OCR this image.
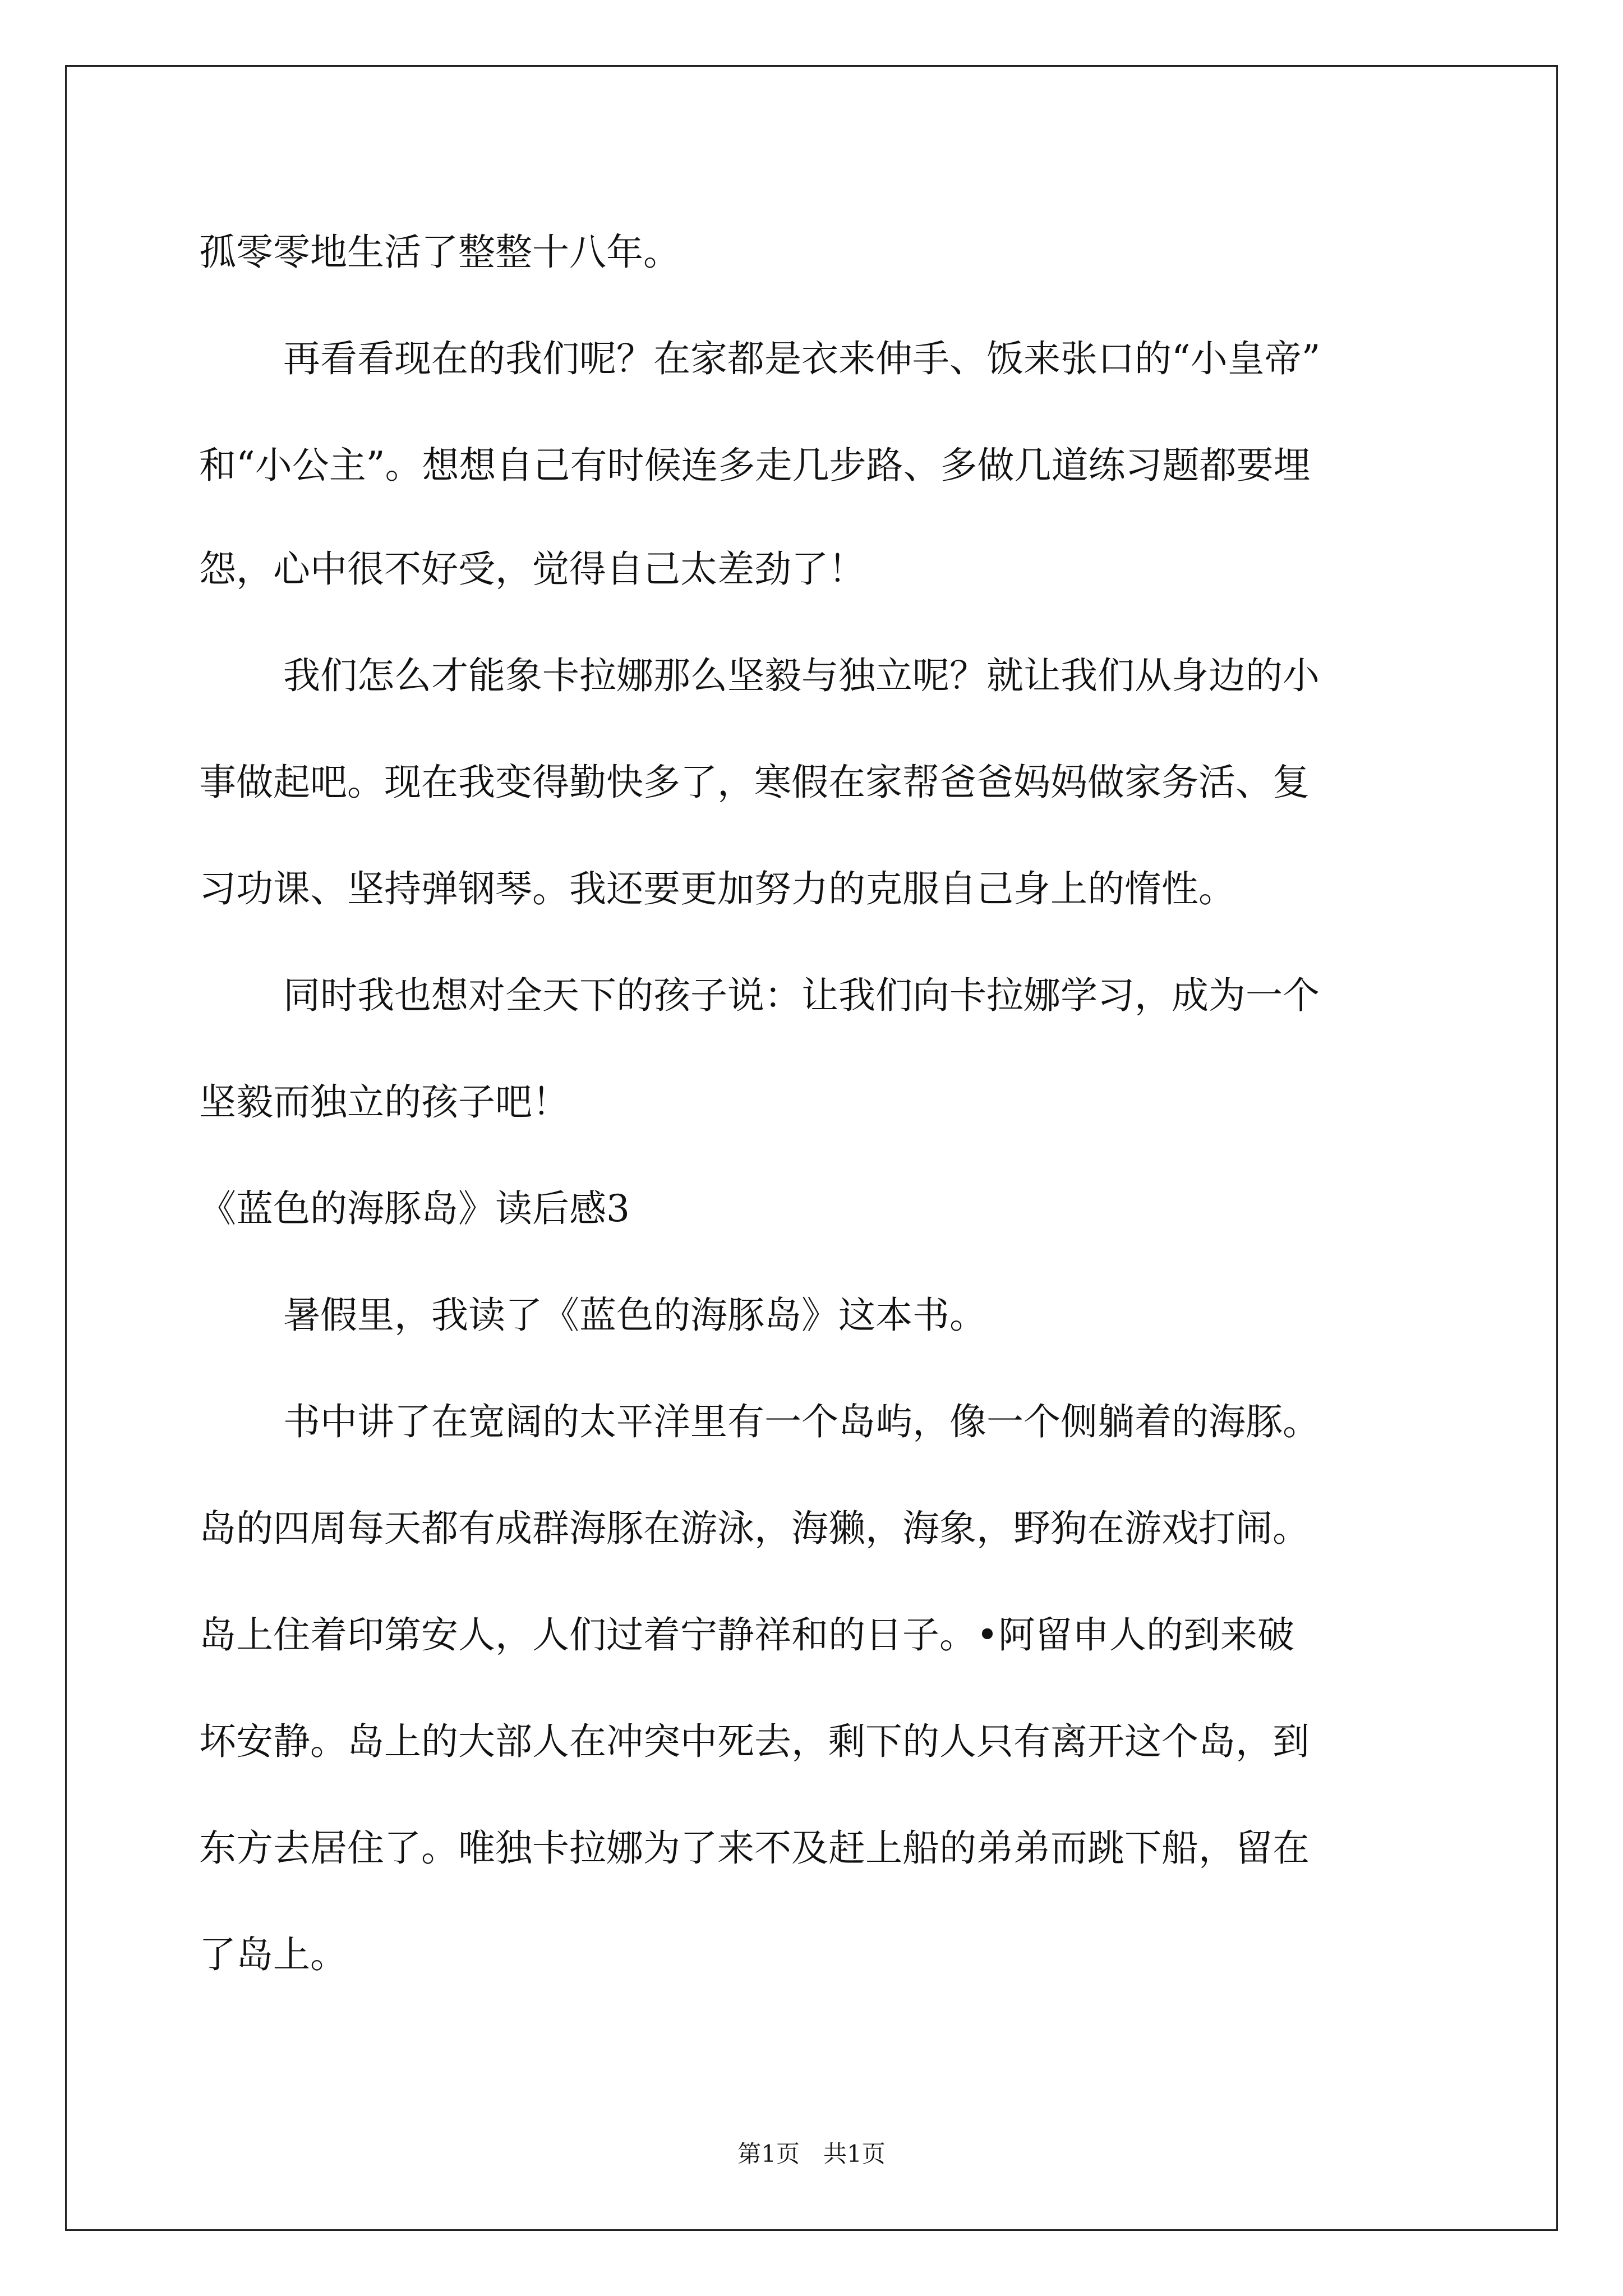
孤零零地生活了整整十八年。
再看看现在的我们呢？在家都是衣来伸手、饭来张口的“小皇帝”
和“小公主”。想想自己有时候连多走几步路、多做几道练习题都要埋
怨，心中很不好受，觉得自己太差劲了！
我们怎么才能象卡拉娜那么坚毅与独立呢？就让我们从身边的小
事做起吧。现在我变得勤快多了，寒假在家帮爸爸妈妈做家务活、复
习功课、坚持弹钢琴。我还要更加努力的克服自己身上的惰性。
同时我也想对全天下的孩子说：让我们向卡拉娜学习，成为一个
坚毅而独立的孩子吧！
《蓝色的海豚岛》读后感3
暑假里，我读了《蓝色的海豚岛》这本书。
书中讲了在宽阔的太平洋里有一个岛屿，像一个侧躺着的海豚。
岛的四周每天都有成群海豚在游泳，海獭，海象，野狗在游戏打闹。
岛上住着印第安人，人们过着宁静祥和的日子。•阿留申人的到来破
坏安静。岛上的大部人在冲突中死去，剩下的人只有离开这个岛，到
东方去居住了。唯独卡拉娜为了来不及赶上船的弟弟而跳下船，留在
了岛上。
第1页　共1页
